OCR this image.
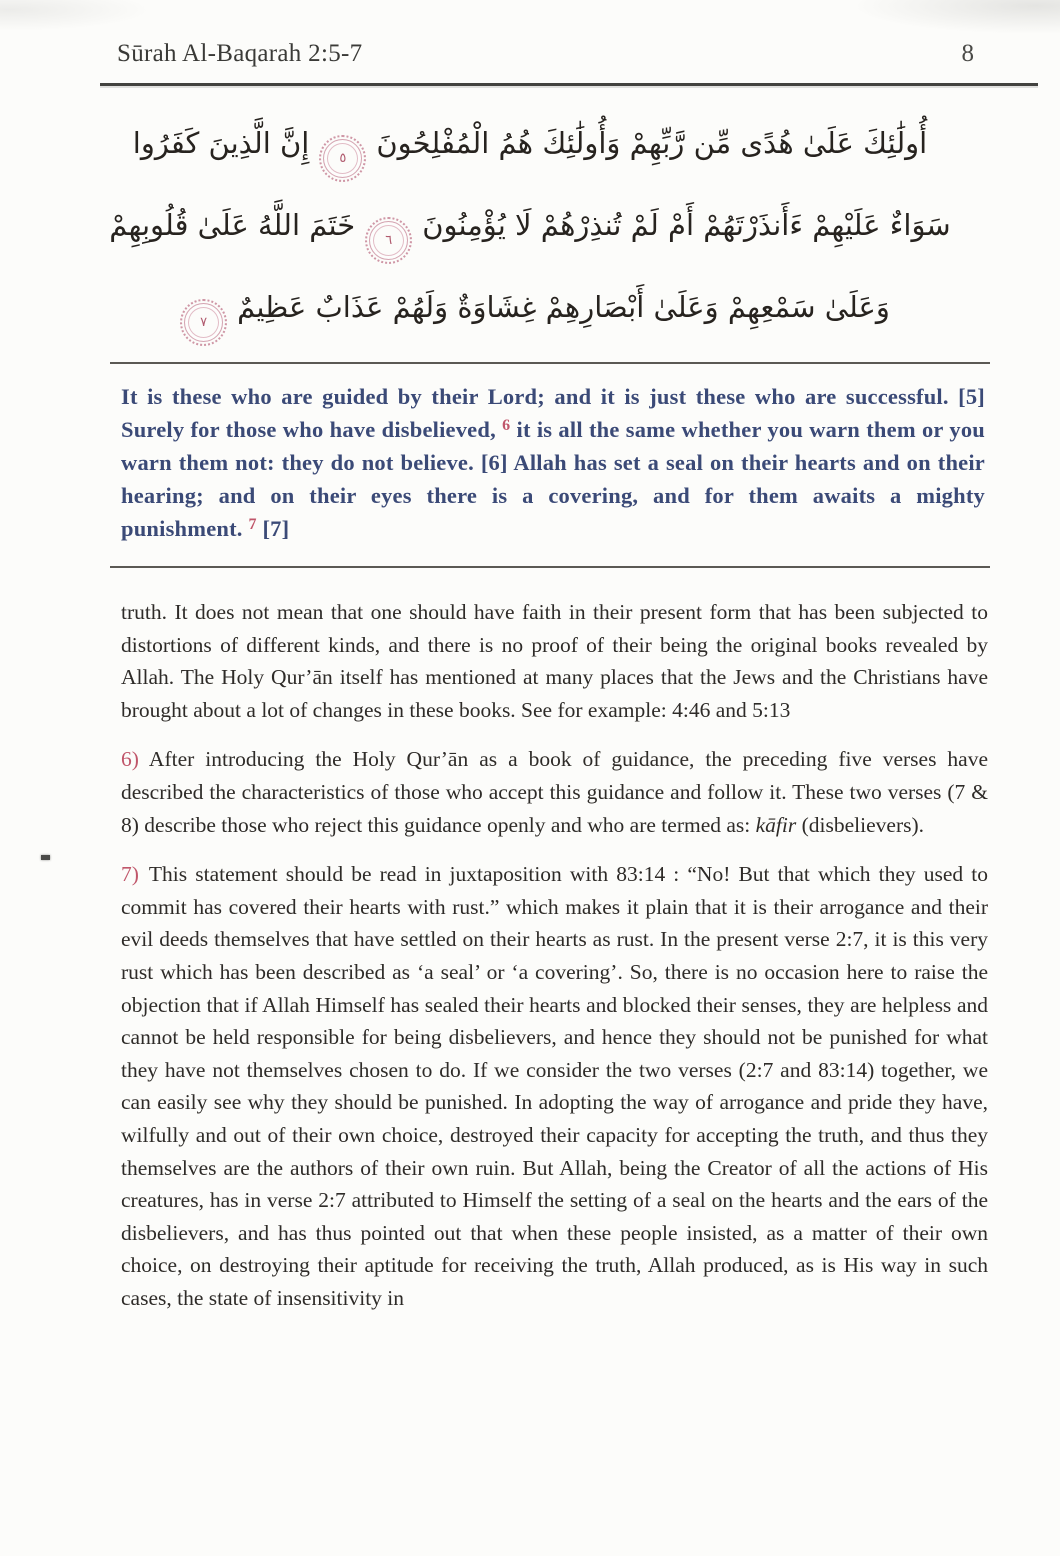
Sūrah Al-Baqarah 2:5-7	8
أُولَٰئِكَ عَلَىٰ هُدًى مِّن رَّبِّهِمْ وَأُولَٰئِكَ هُمُ الْمُفْلِحُونَ٥إِنَّ الَّذِينَ كَفَرُوا
سَوَاءٌ عَلَيْهِمْ ءَأَنذَرْتَهُمْ أَمْ لَمْ تُنذِرْهُمْ لَا يُؤْمِنُونَ٦خَتَمَ اللَّهُ عَلَىٰ قُلُوبِهِمْ
وَعَلَىٰ سَمْعِهِمْ وَعَلَىٰ أَبْصَارِهِمْ غِشَاوَةٌ وَلَهُمْ عَذَابٌ عَظِيمٌ٧

It is these who are guided by their Lord; and it is just these who are successful. [5] Surely for those who have disbelieved, $^6$ it is all the same whether you warn them or you warn them not: they do not believe. [6] Allah has set a seal on their hearts and on their hearing; and on their eyes there is a covering, and for them awaits a mighty punishment. $^7$ [7]

truth. It does not mean that one should have faith in their present form that has been subjected to distortions of different kinds, and there is no proof of their being the original books revealed by Allah. The Holy Qur’ān itself has mentioned at many places that the Jews and the Christians have brought about a lot of changes in these books. See for example: 4:46 and 5:13

6) After introducing the Holy Qur’ān as a book of guidance, the preceding five verses have described the characteristics of those who accept this guidance and follow it. These two verses (7 & 8) describe those who reject this guidance openly and who are termed as: kāfir (disbelievers).

7) This statement should be read in juxtaposition with 83:14 : “No! But that which they used to commit has covered their hearts with rust.” which makes it plain that it is their arrogance and their evil deeds themselves that have settled on their hearts as rust. In the present verse 2:7, it is this very rust which has been described as ‘a seal’ or ‘a covering’. So, there is no occasion here to raise the objection that if Allah Himself has sealed their hearts and blocked their senses, they are helpless and cannot be held responsible for being disbelievers, and hence they should not be punished for what they have not themselves chosen to do. If we consider the two verses (2:7 and 83:14) together, we can easily see why they should be punished. In adopting the way of arrogance and pride they have, wilfully and out of their own choice, destroyed their capacity for accepting the truth, and thus they themselves are the authors of their own ruin. But Allah, being the Creator of all the actions of His creatures, has in verse 2:7 attributed to Himself the setting of a seal on the hearts and the ears of the disbelievers, and has thus pointed out that when these people insisted, as a matter of their own choice, on destroying their aptitude for receiving the truth, Allah produced, as is His way in such cases, the state of insensitivity in
